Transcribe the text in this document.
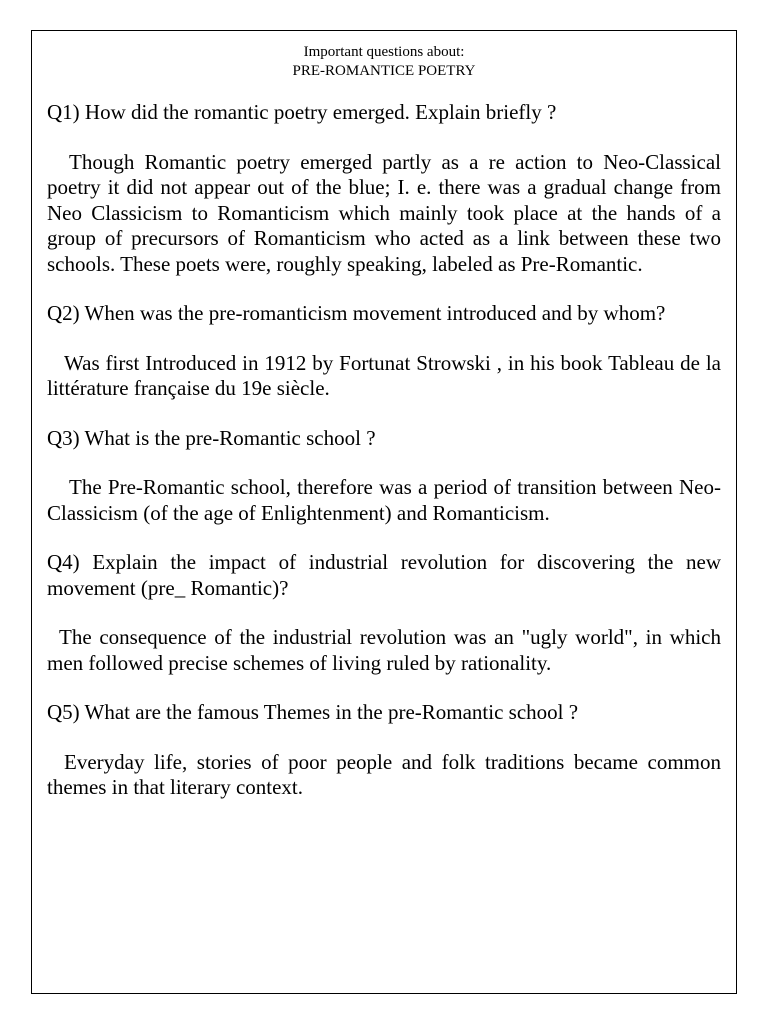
Important questions about:
PRE-ROMANTICE POETRY

Q1) How did the romantic poetry emerged. Explain briefly ?

Though Romantic poetry emerged partly as a re action to Neo-Classical poetry it did not appear out of the blue; I. e. there was a gradual change from Neo Classicism to Romanticism which mainly took place at the hands of a group of precursors of Romanticism who acted as a link between these two schools. These poets were, roughly speaking, labeled as Pre-Romantic.

Q2) When was the pre-romanticism movement introduced and by whom?

Was first Introduced in 1912 by Fortunat Strowski , in his book Tableau de la littérature française du 19e siècle.

Q3) What is the pre-Romantic school ?

The Pre-Romantic school, therefore was a period of transition between Neo-Classicism (of the age of Enlightenment) and Romanticism.

Q4) Explain the impact of industrial revolution for discovering the new movement (pre_ Romantic)?

The consequence of the industrial revolution was an "ugly world", in which men followed precise schemes of living ruled by rationality.

Q5) What are the famous Themes in the pre-Romantic school ?

Everyday life, stories of poor people and folk traditions became common themes in that literary context.
